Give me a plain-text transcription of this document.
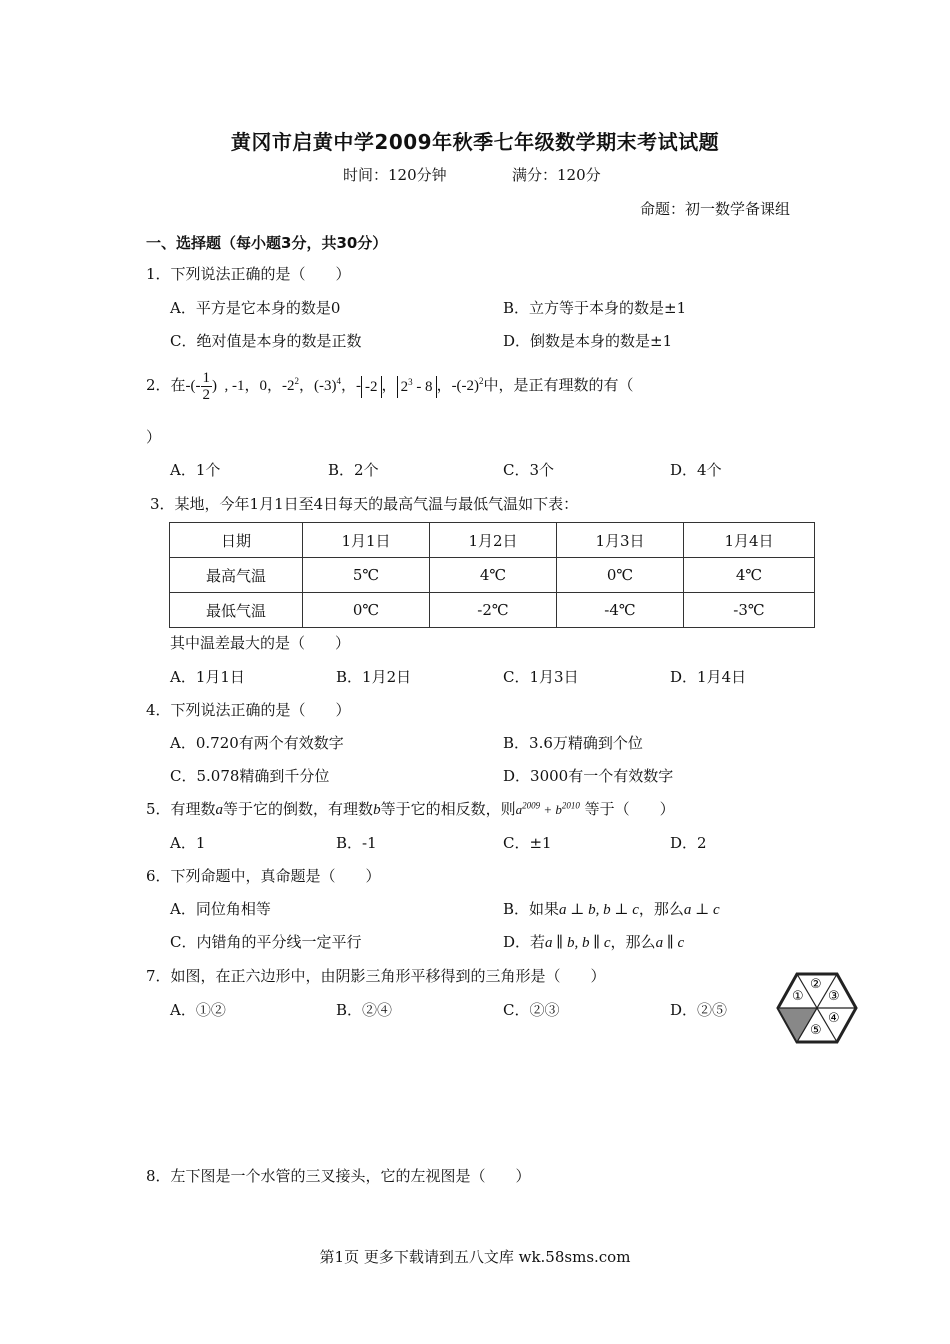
黄冈市启黄中学2009年秋季七年级数学期末考试试题
时间：120分钟	满分：120分
命题：初一数学备课组
一、选择题（每小题3分，共30分）
1．下列说法正确的是（　　）
A．平方是它本身的数是0	B．立方等于本身的数是±1
C．绝对值是本身的数是正数	D．倒数是本身的数是±1
2．在-(- $\frac{1}{2}$ )  , -1，0，$-2^2$，$(-3)^4$，- -2 ， $2^3 - 8$ ，$-(-2)^2$中，是正有理数的有（
）
A．1个	B．2个	C．3个	D．4个
3．某地，今年1月1日至4日每天的最高气温与最低气温如下表：
日期	1月1日	1月2日	1月3日	1月4日
最高气温	5℃	4℃	0℃	4℃
最低气温	0℃	-2℃	-4℃	-3℃
其中温差最大的是（　　）
A．1月1日	B．1月2日	C．1月3日	D．1月4日
4．下列说法正确的是（　　）
A．0.720有两个有效数字	B．3.6万精确到个位
C．5.078精确到千分位	D．3000有一个有效数字
5．有理数a等于它的倒数，有理数b等于它的相反数，则$a^{2009} + b^{2010}$ 等于（　　）
A．1	B．-1	C．±1	D．2
6．下列命题中，真命题是（　　）
A．同位角相等	B．如果a ⊥ b, b ⊥ c，那么a ⊥ c
C．内错角的平分线一定平行	D．若a ∥ b, b ∥ c，那么a ∥ c
7．如图，在正六边形中，由阴影三角形平移得到的三角形是（　　）
A．①②	B．②④	C．②③	D．②⑤
①
②
③
④
⑤
8．左下图是一个水管的三叉接头，它的左视图是（　　）
第1页 更多下载请到五八文库 wk.58sms.com
